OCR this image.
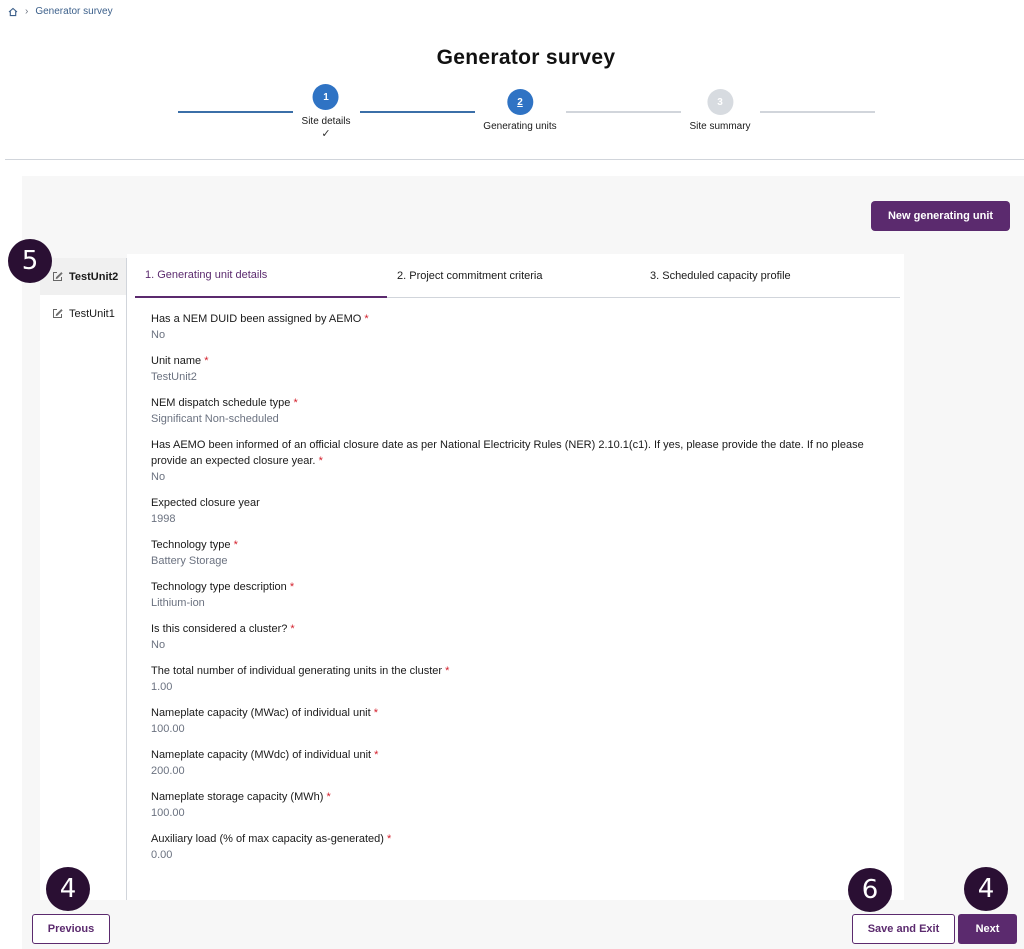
› Generator survey
Generator survey
1
Site details
✓
2
Generating units
3
Site summary
New generating unit
TestUnit2
TestUnit1
1. Generating unit details	2. Project commitment criteria	3. Scheduled capacity profile
Has a NEM DUID been assigned by AEMO *
No
Unit name *
TestUnit2
NEM dispatch schedule type *
Significant Non-scheduled
Has AEMO been informed of an official closure date as per National Electricity Rules (NER) 2.10.1(c1). If yes, please provide the date. If no please provide an expected closure year. *
No
Expected closure year
1998
Technology type *
Battery Storage
Technology type description *
Lithium-ion
Is this considered a cluster? *
No
The total number of individual generating units in the cluster *
1.00
Nameplate capacity (MWac) of individual unit *
100.00
Nameplate capacity (MWdc) of individual unit *
200.00
Nameplate storage capacity (MWh) *
100.00
Auxiliary load (% of max capacity as-generated) *
0.00
Previous	Save and Exit	Next
5
4	6	4
